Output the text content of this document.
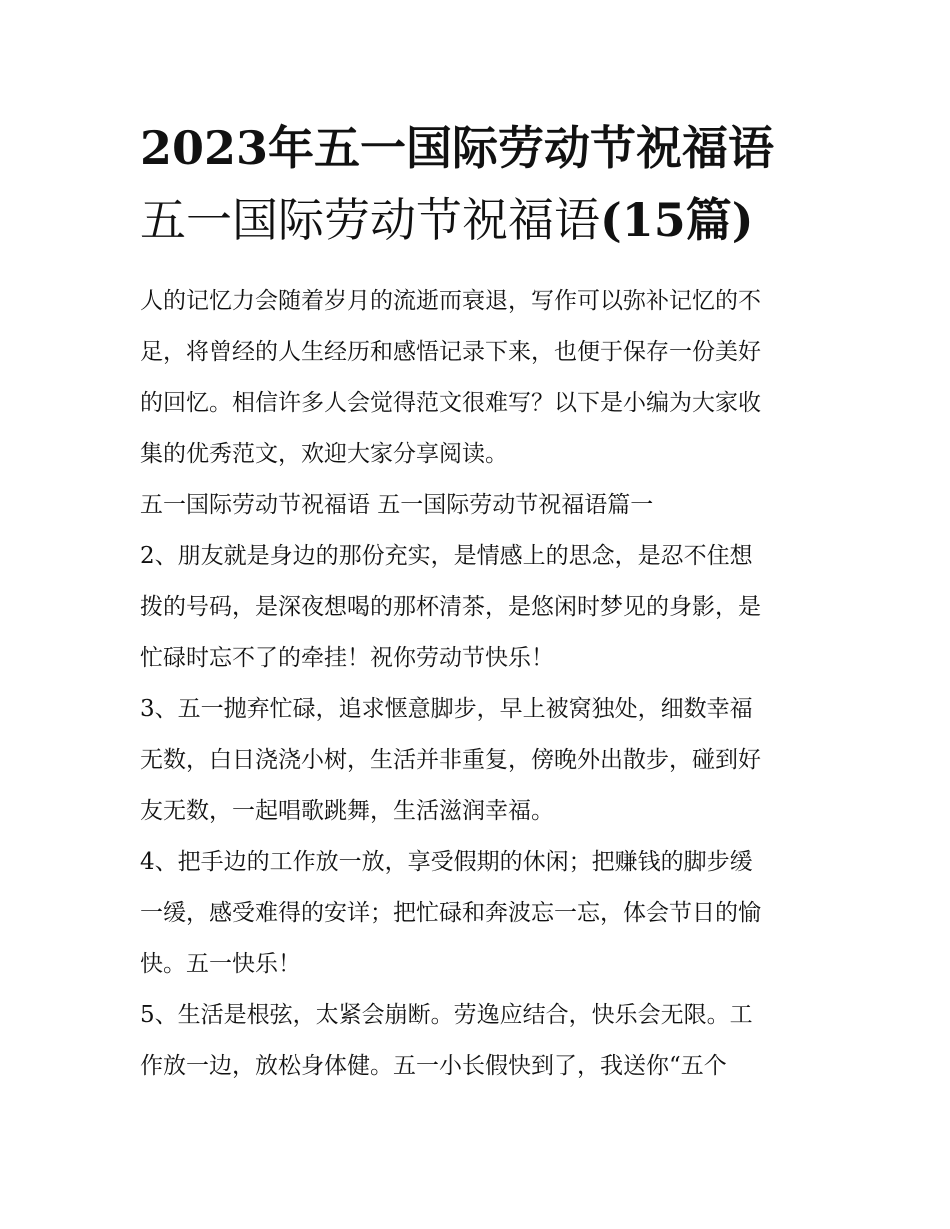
2023年五一国际劳动节祝福语
五一国际劳动节祝福语(15篇)
人的记忆力会随着岁月的流逝而衰退，写作可以弥补记忆的不
足，将曾经的人生经历和感悟记录下来，也便于保存一份美好
的回忆。相信许多人会觉得范文很难写？以下是小编为大家收
集的优秀范文，欢迎大家分享阅读。
五一国际劳动节祝福语 五一国际劳动节祝福语篇一
2、朋友就是身边的那份充实，是情感上的思念，是忍不住想
拨的号码，是深夜想喝的那杯清茶，是悠闲时梦见的身影，是
忙碌时忘不了的牵挂！祝你劳动节快乐！
3、五一抛弃忙碌，追求惬意脚步，早上被窝独处，细数幸福
无数，白日浇浇小树，生活并非重复，傍晚外出散步，碰到好
友无数，一起唱歌跳舞，生活滋润幸福。
4、把手边的工作放一放，享受假期的休闲；把赚钱的脚步缓
一缓，感受难得的安详；把忙碌和奔波忘一忘，体会节日的愉
快。五一快乐！
5、生活是根弦，太紧会崩断。劳逸应结合，快乐会无限。工
作放一边，放松身体健。五一小长假快到了，我送你“五个
